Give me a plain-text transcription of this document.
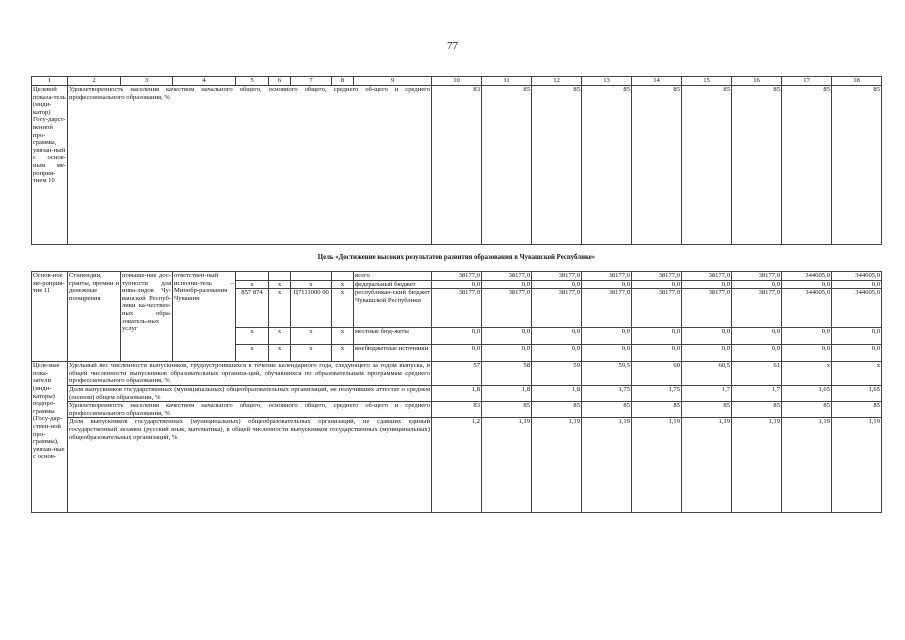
77
1	2	3	4	5	6	7	8	9	10	11	12	13	14	15	16	17	18
Целевой показа-тель (инди-катор) Госу-дарст-венной про-граммы, увязан-ный с основ-ным ме-роприя-тием 10	Удовлетворенность населения качеством начального общего, основного общего, среднего об-щего и среднего профессионального образования, %								83	85	85	85	85	85	85	85	85
Цель «Достижение высоких результатов развития образования в Чувашской Республике»																	
Основ-ное ме-роприя-тие 11	Стипендии, гранты, премии и денежные поощрения	повыше-ние дос-тупности для инва-лидов Чу-вашской Респуб-лики ка-чествен-ных обра-зователь-ных услуг	ответствен-ный исполни-тель – Минобр-разования Чувашии					всего	38177,0	38177,0	38177,0	38177,0	38177,0	38177,0	38177,0	344605,0	344605,0
				x	x	x	x	федеральный бюджет	0,0	0,0	0,0	0,0	0,0	0,0	0,0	0,0	0,0
				857 874	x	Ц7111000 00	x	республикан-ский бюджет Чувашской Республики	38177,0	38177,0	38177,0	38177,0	38177,0	38177,0	38177,0	344605,0	344605,0
				x	x	x	x	местные бюд-жеты	0,0	0,0	0,0	0,0	0,0	0,0	0,0	0,0	0,0
				x	x	x	x	внебюджетные источники	0,0	0,0	0,0	0,0	0,0	0,0	0,0	0,0	0,0
Целе-вые пока-затели (инди-каторы) подпро-граммы (Госу-дар-ствен-ной про-граммы), увязан-ные с основ-	Удельный вес численности выпускников, трудоустроившихся в течение календарного года, следующего за годом выпуска, в общей численности выпускников образовательных организа-ций, обучавшихся по образовательным программам среднего профессионального образования, %								57	58	59	59,5	60	60,5	61	x	x
	Доля выпускников государственных (муниципальных) общеобразовательных организаций, не получивших аттестат о среднем (полном) общем образовании, %								1,8	1,8	1,8	1,75	1,75	1,7	1,7	1,65	1,65
	Удовлетворенность населения качеством начального общего, основного общего, среднего об-щего и среднего профессионального образования, %								83	85	85	85	85	85	85	85	85
	Доля выпускников государственных (муниципальных) общеобразовательных организаций, не сдавших единый государственный экзамен (русский язык, математика), в общей численности выпускников государственных (муниципальных) общеобразовательных организаций, %								1,2	1,19	1,19	1,19	1,19	1,19	1,19	1,19	1,19
